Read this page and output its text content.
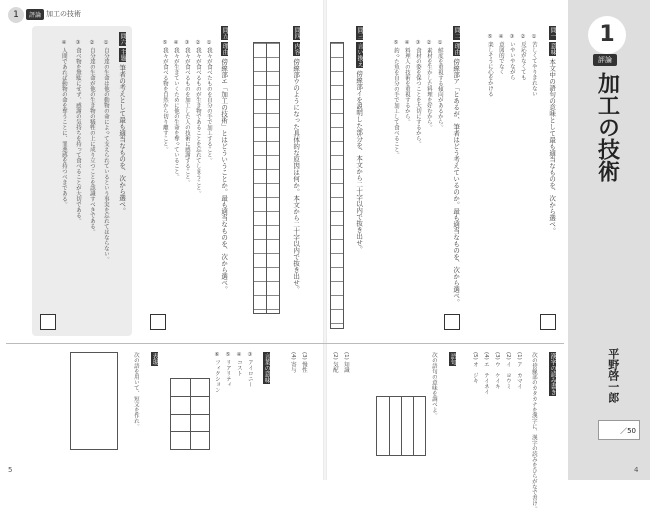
1	評論 加工の技術
1
評論
加工の技術
平野啓一郎
／50
問一 意味 本文中の語句の意味として最も適当なものを、次から選べ。
① 苦しくてやりきれない
② 反応がなくても
③ いやいやながら
④ 意図的でなく
⑤ 楽しそうに心をかける
問二 理由 傍線部ア「とあるが、筆者はどう考えているのか。最も適当なものを、次から選べ。
① 鮮度を重視する傾向があるから。
② 素材を生かした料理を好むから。
③ 食材の姿を保つことを大切にするから。
④ 料理人の技術を重視するから。
⑤ 釣った魚を自分の手で加工して食べること。
問三 言い換え 傍線部イを説明した部分を、本文から二十字以内で抜き出せ。
問四 内容 傍線部ウのようになった具体的な原因は何か。本文から二十字以内で抜き出せ。
問五 理由 傍線部エ「加工の技術」とはどういうことか。最も適当なものを、次から選べ。
① 我々が食べたものを自分の手で加工すること。
② 我々が食べるものが生き物であることを忘れてしまうこと。
③ 我々が食べるものを加工した人の技術に感謝すること。
④ 我々が生きていくために他の生命を奪っていること。
⑤ 我々が食べる物を自然から切り離すこと。
問六 主題 筆者の考えとして最も適当なものを、次から選べ。
① 自分達の生命は他の動物の命によって支えられているという事実を忘れてはならない。
② 自分達の生命が他の生き物の犠牲の上に成り立つことを認識すべきである。
③ 食べ物を無駄にせず、感謝の気持ちを持って食べることが大切である。
④ 人間であれば動物の命を奪うことに、罪悪感を持つべきである。
漢字の読み書き
次の傍線部のカタカナを漢字に、漢字の読みをひらがなで書け。
(1) ア　カマイ
(2) イ　ヨウミ
(3) ウ　ケイキ
(4) エ　テイネイ
(5) オ　ジキ
語句
次の語句の意味を調べよ。
(1) 知識
(2) 気配
(3) 慢性
(4) 寄与
言葉の意味
③ アイロニー
④ コスト
⑤ リアリティ
⑥ フィクション
表現
次の語を用いて、短文を作れ。
5	4
